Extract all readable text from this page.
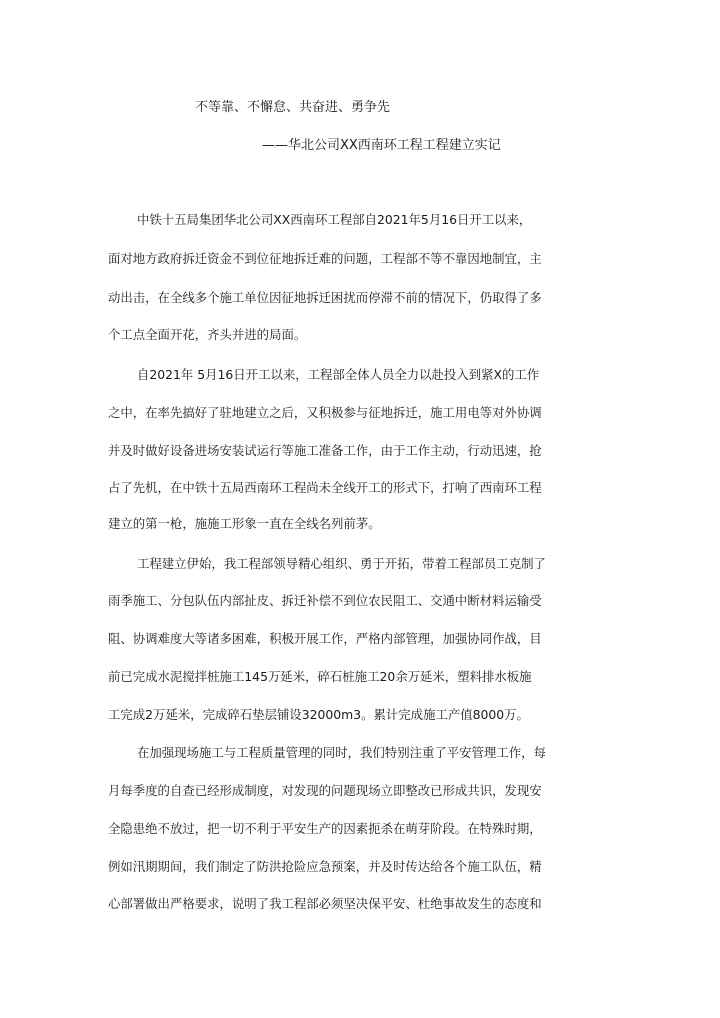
不等靠、不懈怠、共奋进、勇争先
——华北公司XX西南环工程工程建立实记
中铁十五局集团华北公司XX西南环工程部自2021年5月16日开工以来，
面对地方政府拆迁资金不到位征地拆迁难的问题，工程部不等不靠因地制宜，主
动出击，在全线多个施工单位因征地拆迁困扰而停滞不前的情况下，仍取得了多
个工点全面开花，齐头并进的局面。
自2021年 5月16日开工以来，工程部全体人员全力以赴投入到紧X的工作
之中，在率先搞好了驻地建立之后，又积极参与征地拆迁，施工用电等对外协调
并及时做好设备进场安装试运行等施工准备工作，由于工作主动，行动迅速，抢
占了先机，在中铁十五局西南环工程尚未全线开工的形式下，打响了西南环工程
建立的第一枪，施施工形象一直在全线名列前茅。
工程建立伊始，我工程部领导精心组织、勇于开拓，带着工程部员工克制了
雨季施工、分包队伍内部扯皮、拆迁补偿不到位农民阻工、交通中断材料运输受
阻、协调难度大等诸多困难，积极开展工作，严格内部管理，加强协同作战，目
前已完成水泥搅拌桩施工145万延米，碎石桩施工20余万延米，塑料排水板施
工完成2万延米，完成碎石垫层铺设32000m3。累计完成施工产值8000万。
在加强现场施工与工程质量管理的同时，我们特别注重了平安管理工作，每
月每季度的自查已经形成制度，对发现的问题现场立即整改已形成共识，发现安
全隐患绝不放过，把一切不利于平安生产的因素扼杀在萌芽阶段。在特殊时期，
例如汛期期间，我们制定了防洪抢险应急预案，并及时传达给各个施工队伍，精
心部署做出严格要求，说明了我工程部必须坚决保平安、杜绝事故发生的态度和
